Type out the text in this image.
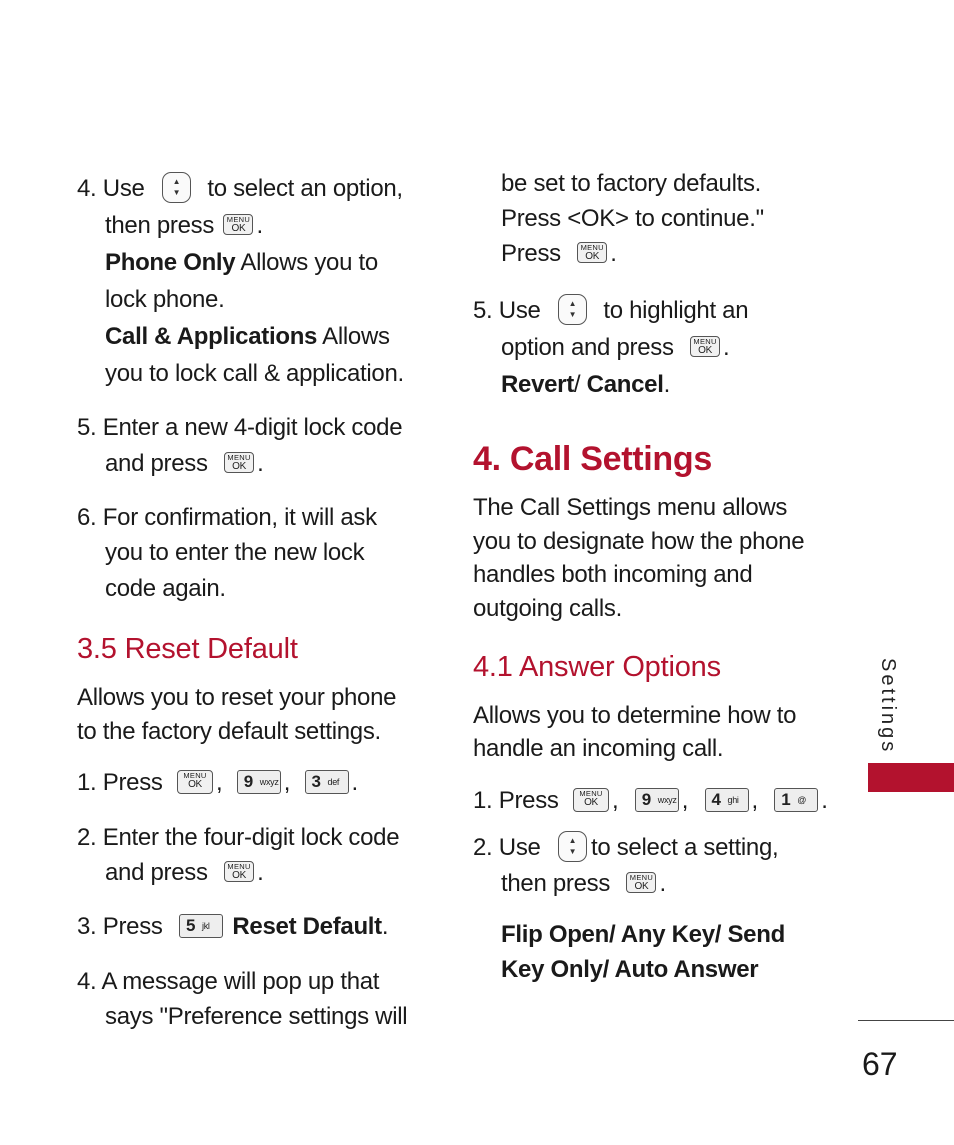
4. Use	▲
▼	to select an option,
then press	MENU
OK .
Phone Only Allows you to
lock phone.
Call & Applications Allows
you to lock call & application.
5. Enter a new 4-digit lock code
and press	MENU
OK .
6. For confirmation, it will ask
you to enter the new lock
code again.
3.5 Reset Default
Allows you to reset your phone
to the factory default settings.
1. Press	MENU
OK , 9 wxyz , 3 def .
2. Enter the four-digit lock code
and press	MENU
OK .
3. Press 5 jkl Reset Default.
4. A message will pop up that
says "Preference settings will
be set to factory defaults.
Press <OK> to continue."
Press	MENU
OK .
5. Use	▲
▼	to highlight an
option and press	MENU
OK .
Revert/ Cancel.
4. Call Settings
The Call Settings menu allows
you to designate how the phone
handles both incoming and
outgoing calls.
4.1 Answer Options
Allows you to determine how to
handle an incoming call.
1. Press	MENU
OK , 9 wxyz , 4 ghi , 1 @ .
2. Use	▲
▼ to select a setting,
then press	MENU
OK .
Flip Open/ Any Key/ Send
Key Only/ Auto Answer
Settings
67
